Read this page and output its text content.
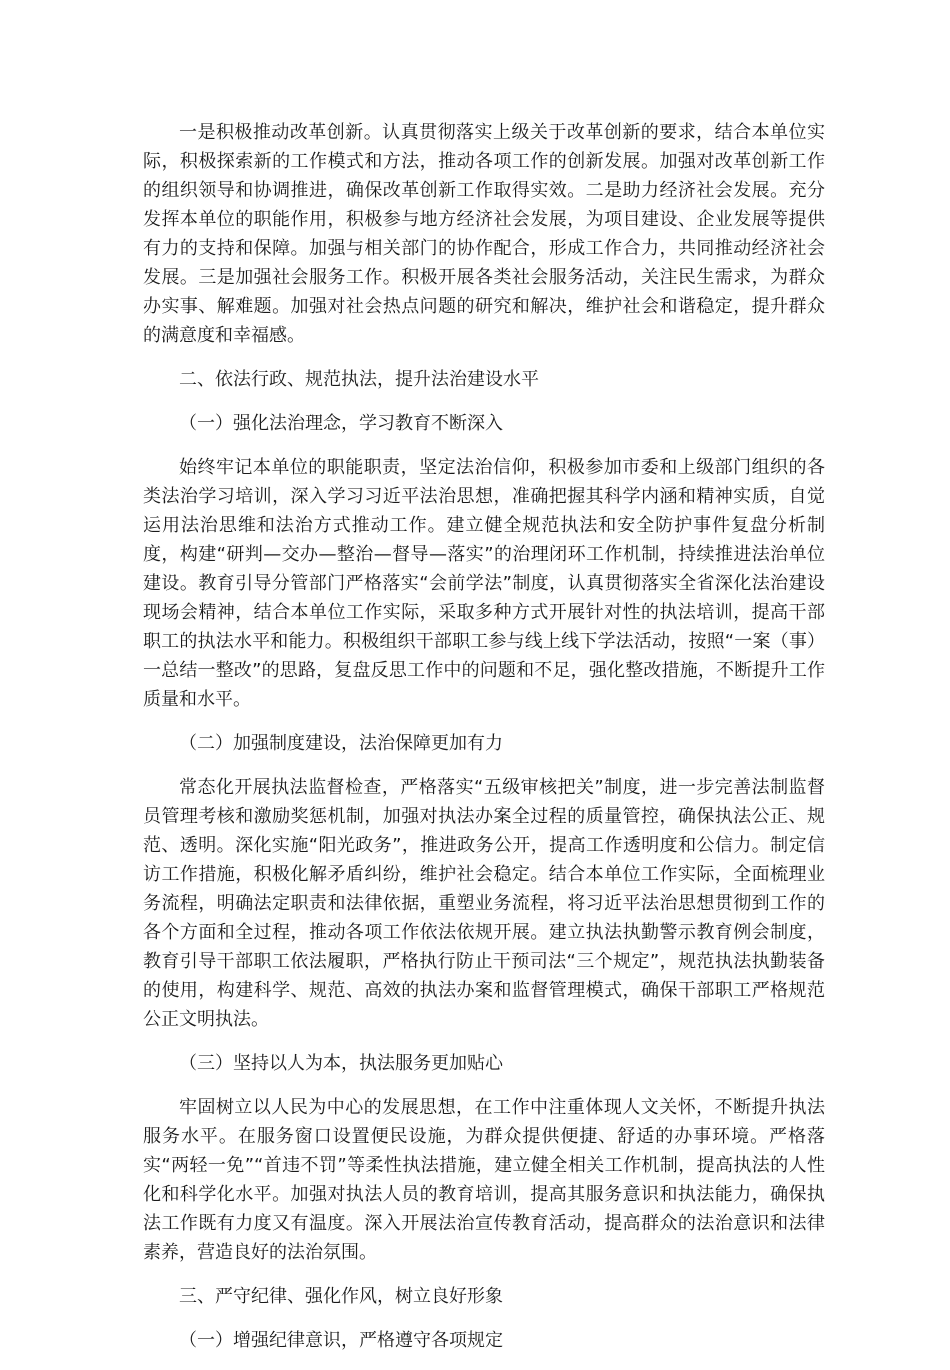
一是积极推动改革创新。认真贯彻落实上级关于改革创新的要求，结合本单位实际，积极探索新的工作模式和方法，推动各项工作的创新发展。加强对改革创新工作的组织领导和协调推进，确保改革创新工作取得实效。二是助力经济社会发展。充分发挥本单位的职能作用，积极参与地方经济社会发展，为项目建设、企业发展等提供有力的支持和保障。加强与相关部门的协作配合，形成工作合力，共同推动经济社会发展。三是加强社会服务工作。积极开展各类社会服务活动，关注民生需求，为群众办实事、解难题。加强对社会热点问题的研究和解决，维护社会和谐稳定，提升群众的满意度和幸福感。

二、依法行政、规范执法，提升法治建设水平

（一）强化法治理念，学习教育不断深入

始终牢记本单位的职能职责，坚定法治信仰，积极参加市委和上级部门组织的各类法治学习培训，深入学习习近平法治思想，准确把握其科学内涵和精神实质，自觉运用法治思维和法治方式推动工作。建立健全规范执法和安全防护事件复盘分析制度，构建“研判—交办—整治—督导—落实”的治理闭环工作机制，持续推进法治单位建设。教育引导分管部门严格落实“会前学法”制度，认真贯彻落实全省深化法治建设现场会精神，结合本单位工作实际，采取多种方式开展针对性的执法培训，提高干部职工的执法水平和能力。积极组织干部职工参与线上线下学法活动，按照“一案（事）一总结一整改”的思路，复盘反思工作中的问题和不足，强化整改措施，不断提升工作质量和水平。

（二）加强制度建设，法治保障更加有力

常态化开展执法监督检查，严格落实“五级审核把关”制度，进一步完善法制监督员管理考核和激励奖惩机制，加强对执法办案全过程的质量管控，确保执法公正、规范、透明。深化实施“阳光政务”，推进政务公开，提高工作透明度和公信力。制定信访工作措施，积极化解矛盾纠纷，维护社会稳定。结合本单位工作实际，全面梳理业务流程，明确法定职责和法律依据，重塑业务流程，将习近平法治思想贯彻到工作的各个方面和全过程，推动各项工作依法依规开展。建立执法执勤警示教育例会制度，教育引导干部职工依法履职，严格执行防止干预司法“三个规定”，规范执法执勤装备的使用，构建科学、规范、高效的执法办案和监督管理模式，确保干部职工严格规范公正文明执法。

（三）坚持以人为本，执法服务更加贴心

牢固树立以人民为中心的发展思想，在工作中注重体现人文关怀，不断提升执法服务水平。在服务窗口设置便民设施，为群众提供便捷、舒适的办事环境。严格落实“两轻一免”“首违不罚”等柔性执法措施，建立健全相关工作机制，提高执法的人性化和科学化水平。加强对执法人员的教育培训，提高其服务意识和执法能力，确保执法工作既有力度又有温度。深入开展法治宣传教育活动，提高群众的法治意识和法律素养，营造良好的法治氛围。

三、严守纪律、强化作风，树立良好形象

（一）增强纪律意识，严格遵守各项规定
